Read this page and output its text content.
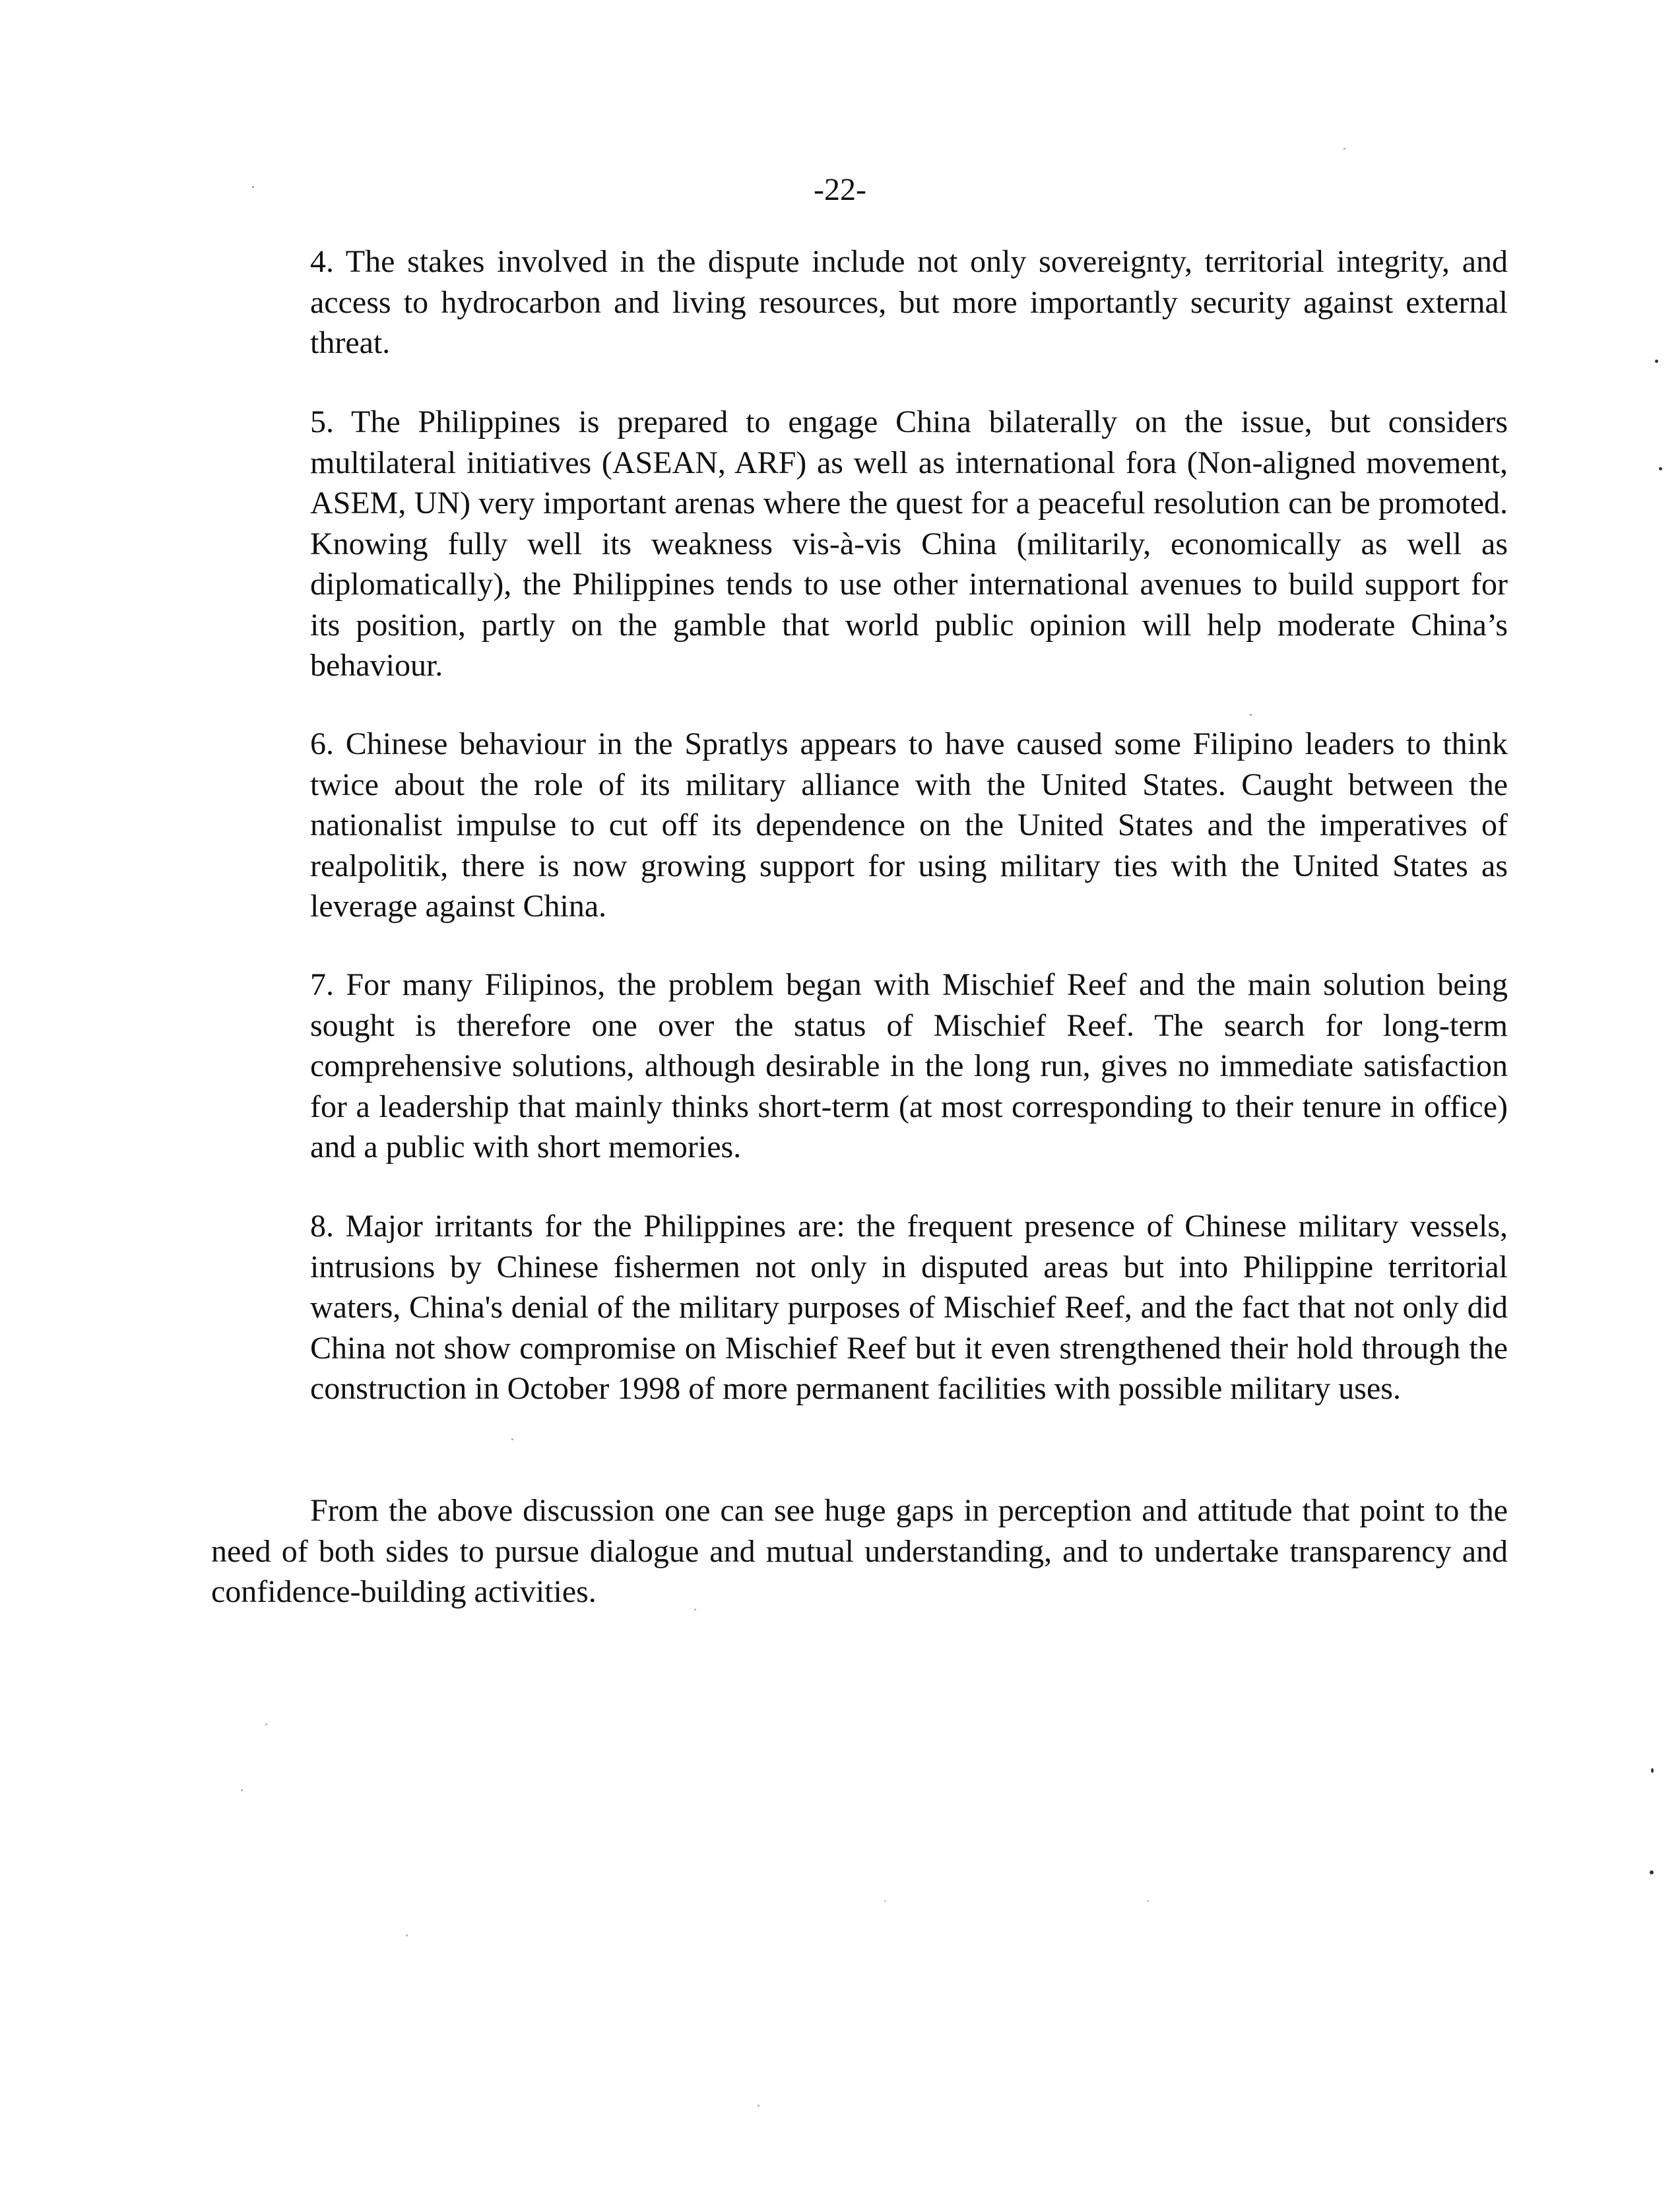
-22-

4. The stakes involved in the dispute include not only sovereignty, territorial integrity, and access to hydrocarbon and living resources, but more importantly security against external threat.

5. The Philippines is prepared to engage China bilaterally on the issue, but considers multilateral initiatives (ASEAN, ARF) as well as international fora (Non-aligned movement, ASEM, UN) very important arenas where the quest for a peaceful resolution can be promoted. Knowing fully well its weakness vis-à-vis China (militarily, economically as well as diplomatically), the Philippines tends to use other international avenues to build support for its position, partly on the gamble that world public opinion will help moderate China’s behaviour.

6. Chinese behaviour in the Spratlys appears to have caused some Filipino leaders to think twice about the role of its military alliance with the United States. Caught between the nationalist impulse to cut off its dependence on the United States and the imperatives of realpolitik, there is now growing support for using military ties with the United States as leverage against China.

7. For many Filipinos, the problem began with Mischief Reef and the main solution being sought is therefore one over the status of Mischief Reef. The search for long-term comprehensive solutions, although desirable in the long run, gives no immediate satisfaction for a leadership that mainly thinks short-term (at most corresponding to their tenure in office) and a public with short memories.

8. Major irritants for the Philippines are: the frequent presence of Chinese military vessels, intrusions by Chinese fishermen not only in disputed areas but into Philippine territorial waters, China's denial of the military purposes of Mischief Reef, and the fact that not only did China not show compromise on Mischief Reef but it even strengthened their hold through the construction in October 1998 of more permanent facilities with possible military uses.

From the above discussion one can see huge gaps in perception and attitude that point to the need of both sides to pursue dialogue and mutual understanding, and to undertake transparency and confidence-building activities.
